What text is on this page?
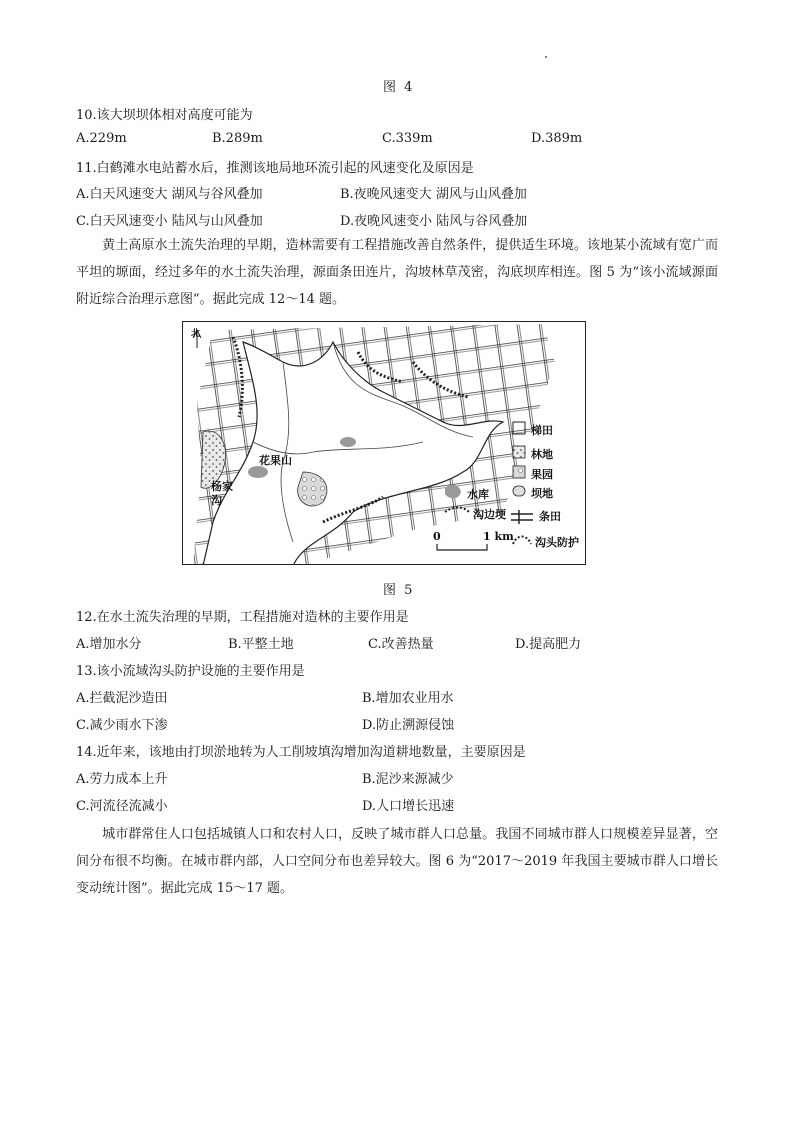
图 4
10.该大坝坝体相对高度可能为
A.229m	B.289m	C.339m	D.389m
11.白鹤滩水电站蓄水后，推测该地局地环流引起的风速变化及原因是
A.白天风速变大 湖风与谷风叠加	B.夜晚风速变大 湖风与山风叠加
C.白天风速变小 陆风与山风叠加	D.夜晚风速变小 陆风与谷风叠加
黄土高原水土流失治理的早期，造林需要有工程措施改善自然条件，提供适生环境。该地某小流域有宽广而平坦的塬面，经过多年的水土流失治理，源面条田连片，沟坡林草茂密，沟底坝库相连。图 5 为“该小流域源面附近综合治理示意图”。据此完成 12～14 题。
北
花果山
杨家沟
梯田
林地
果园
坝地
水库
沟边埂	条田
沟头防护
0	1 km
图 5
12.在水土流失治理的早期，工程措施对造林的主要作用是
A.增加水分	B.平整土地	C.改善热量	D.提高肥力
13.该小流域沟头防护设施的主要作用是
A.拦截泥沙造田	B.增加农业用水
C.减少雨水下渗	D.防止溯源侵蚀
14.近年来，该地由打坝淤地转为人工削坡填沟增加沟道耕地数量，主要原因是
A.劳力成本上升	B.泥沙来源减少
C.河流径流减小	D.人口增长迅速
城市群常住人口包括城镇人口和农村人口，反映了城市群人口总量。我国不同城市群人口规模差异显著，空间分布很不均衡。在城市群内部，人口空间分布也差异较大。图 6 为“2017～2019 年我国主要城市群人口增长变动统计图”。据此完成 15～17 题。
